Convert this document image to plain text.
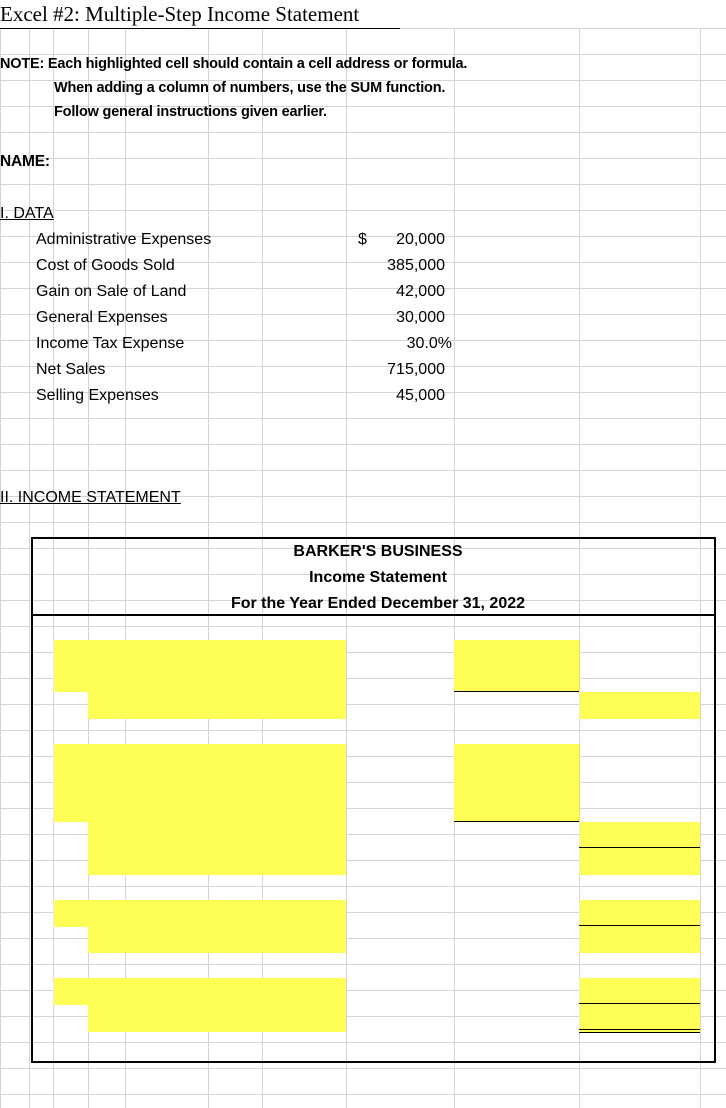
Excel #2: Multiple-Step Income Statement
NOTE: Each highlighted cell should contain a cell address or formula.
When adding a column of numbers, use the SUM function.
Follow general instructions given earlier.
NAME:
I. DATA
$
Administrative Expenses	20,000
Cost of Goods Sold	385,000
Gain on Sale of Land	42,000
General Expenses	30,000
Income Tax Expense	30.0%
Net Sales	715,000
Selling Expenses	45,000
II. INCOME STATEMENT
BARKER'S BUSINESS
Income Statement
For the Year Ended December 31, 2022
